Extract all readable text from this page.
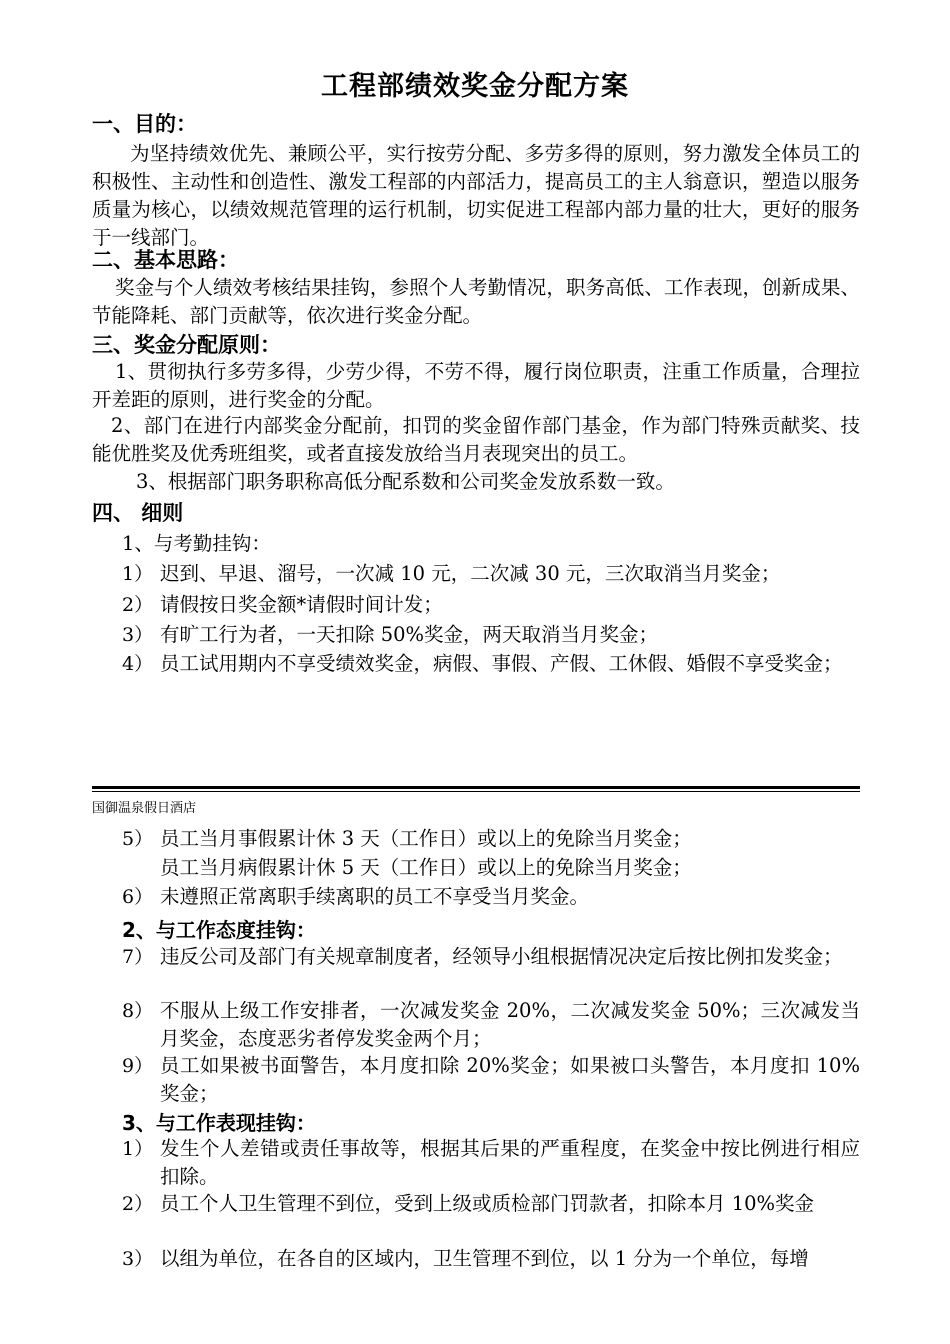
工程部绩效奖金分配方案
一、目的：
为坚持绩效优先、兼顾公平，实行按劳分配、多劳多得的原则，努力激发全体员工的积极性、主动性和创造性、激发工程部的内部活力，提高员工的主人翁意识，塑造以服务质量为核心，以绩效规范管理的运行机制，切实促进工程部内部力量的壮大，更好的服务于一线部门。
二、基本思路：
奖金与个人绩效考核结果挂钩，参照个人考勤情况，职务高低、工作表现，创新成果、节能降耗、部门贡献等，依次进行奖金分配。
三、奖金分配原则：
1、贯彻执行多劳多得，少劳少得，不劳不得，履行岗位职责，注重工作质量，合理拉开差距的原则，进行奖金的分配。
2、部门在进行内部奖金分配前，扣罚的奖金留作部门基金，作为部门特殊贡献奖、技能优胜奖及优秀班组奖，或者直接发放给当月表现突出的员工。
3、根据部门职务职称高低分配系数和公司奖金发放系数一致。
四、 细则
1、与考勤挂钩：
1） 迟到、早退、溜号，一次减 10 元，二次减 30 元，三次取消当月奖金；
2） 请假按日奖金额*请假时间计发；
3） 有旷工行为者，一天扣除 50%奖金，两天取消当月奖金；
4） 员工试用期内不享受绩效奖金，病假、事假、产假、工休假、婚假不享受奖金；
国御温泉假日酒店
5） 员工当月事假累计休 3 天（工作日）或以上的免除当月奖金；
员工当月病假累计休 5 天（工作日）或以上的免除当月奖金；
6） 未遵照正常离职手续离职的员工不享受当月奖金。
2、与工作态度挂钩：
7） 违反公司及部门有关规章制度者，经领导小组根据情况决定后按比例扣发奖金；
8） 不服从上级工作安排者，一次减发奖金 20%，二次减发奖金 50%；三次减发当月奖金，态度恶劣者停发奖金两个月；
9） 员工如果被书面警告，本月度扣除 20%奖金；如果被口头警告，本月度扣 10%奖金；
3、与工作表现挂钩：
1） 发生个人差错或责任事故等，根据其后果的严重程度，在奖金中按比例进行相应扣除。
2） 员工个人卫生管理不到位，受到上级或质检部门罚款者，扣除本月 10%奖金
3） 以组为单位，在各自的区域内，卫生管理不到位，以 1 分为一个单位，每增
